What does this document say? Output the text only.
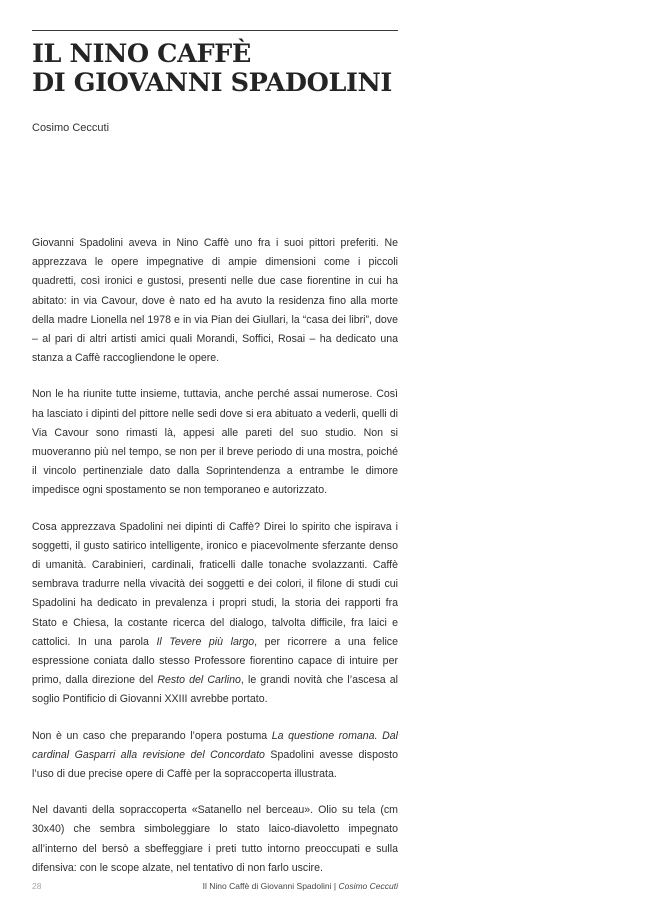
IL NINO CAFFÈ
DI GIOVANNI SPADOLINI

Cosimo Ceccuti

Giovanni Spadolini aveva in Nino Caffè uno fra i suoi pittori preferiti. Ne apprezzava le opere impegnative di ampie dimensioni come i piccoli quadretti, così ironici e gustosi, presenti nelle due case fiorentine in cui ha abitato: in via Cavour, dove è nato ed ha avuto la residenza fino alla morte della madre Lionella nel 1978 e in via Pian dei Giullari, la “casa dei libri”, dove – al pari di altri artisti amici quali Morandi, Soffici, Rosai – ha dedicato una stanza a Caffè raccogliendone le opere.

Non le ha riunite tutte insieme, tuttavia, anche perché assai numerose. Così ha lasciato i dipinti del pittore nelle sedi dove si era abituato a vederli, quelli di Via Cavour sono rimasti là, appesi alle pareti del suo studio. Non si muoveranno più nel tempo, se non per il breve periodo di una mostra, poiché il vincolo pertinenziale dato dalla Soprintendenza a entrambe le dimore impedisce ogni spostamento se non temporaneo e autorizzato.

Cosa apprezzava Spadolini nei dipinti di Caffè? Direi lo spirito che ispirava i soggetti, il gusto satirico intelligente, ironico e piacevolmente sferzante denso di umanità. Carabinieri, cardinali, fraticelli dalle tonache svolazzanti. Caffè sembrava tradurre nella vivacità dei soggetti e dei colori, il filone di studi cui Spadolini ha dedicato in prevalenza i propri studi, la storia dei rapporti fra Stato e Chiesa, la costante ricerca del dialogo, talvolta difficile, fra laici e cattolici. In una parola Il Tevere più largo, per ricorrere a una felice espressione coniata dallo stesso Professore fiorentino capace di intuire per primo, dalla direzione del Resto del Carlino, le grandi novità che l’ascesa al soglio Pontificio di Giovanni XXIII avrebbe portato.

Non è un caso che preparando l’opera postuma La questione romana. Dal cardinal Gasparri alla revisione del Concordato Spadolini avesse disposto l’uso di due precise opere di Caffè per la sopraccoperta illustrata.

Nel davanti della sopraccoperta «Satanello nel berceau». Olio su tela (cm 30x40) che sembra simboleggiare lo stato laico-diavoletto impegnato all’interno del bersò a sbeffeggiare i preti tutto intorno preoccupati e sulla difensiva: con le scope alzate, nel tentativo di non farlo uscire.

28	Il Nino Caffè di Giovanni Spadolini | Cosimo Ceccuti
